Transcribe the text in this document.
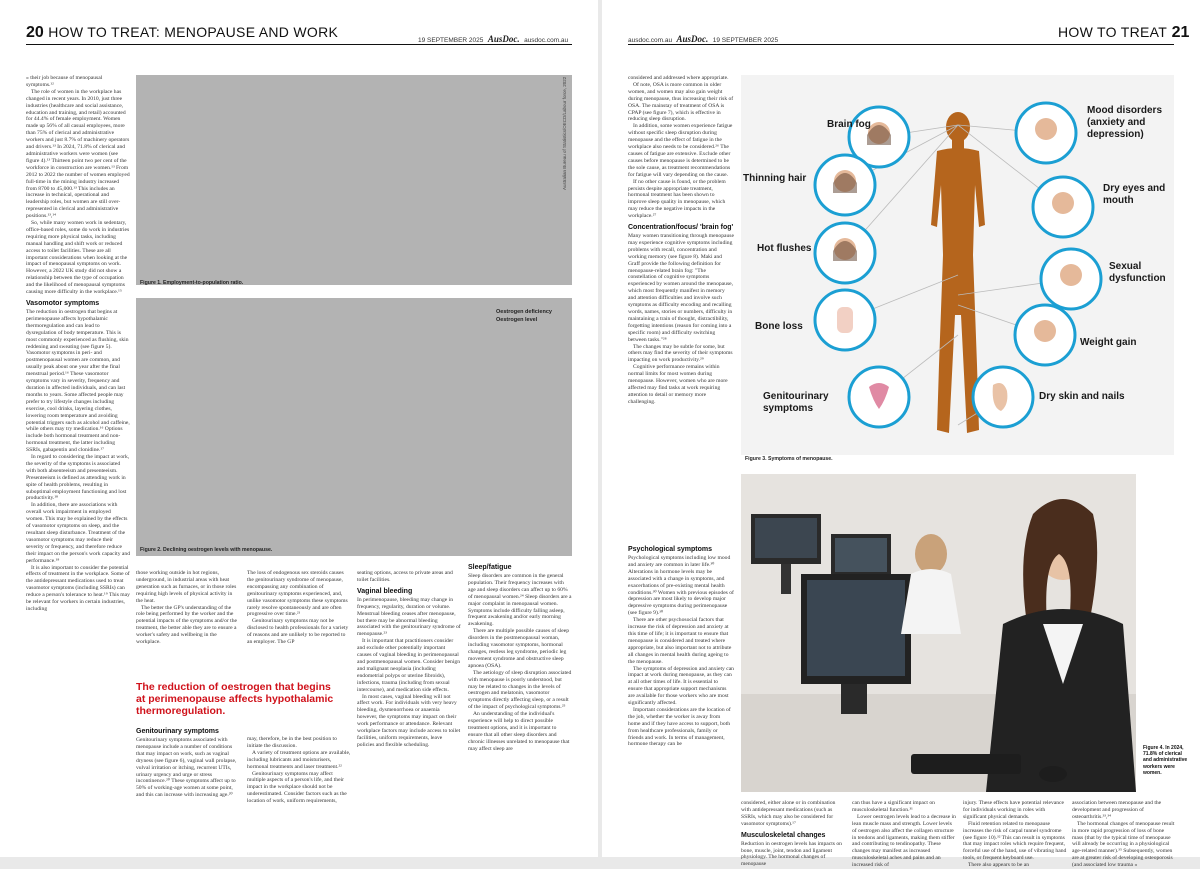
20 HOW TO TREAT: MENOPAUSE AND WORK
19 SEPTEMBER 2025 AusDoc. ausdoc.com.au

« their job because of menopausal symptoms.¹²

The role of women in the workplace has changed in recent years. In 2010, just three industries (healthcare and social assistance, education and training, and retail) accounted for 44.4% of female employment. Women made up 56% of all casual employees, more than 75% of clerical and administrative workers and just 8.7% of machinery operators and drivers.¹³ In 2024, 71.8% of clerical and administrative workers were women (see figure 4).¹³ Thirteen point two per cent of the workforce in construction are women.¹³ From 2012 to 2022 the number of women employed full-time in the mining industry increased from 8700 to 45,000.¹³ This includes an increase in technical, operational and leadership roles, but women are still over-represented in clerical and administrative positions.¹³,¹⁴

So, while many women work in sedentary, office-based roles, some do work in industries requiring more physical tasks, including manual handling and shift work or reduced access to toilet facilities. These are all important considerations when looking at the impact of menopausal symptoms on work. However, a 2022 UK study did not show a relationship between the type of occupation and the likelihood of menopausal symptoms causing more difficulty in the workplace.¹⁵

Vasomotor symptoms

The reduction in oestrogen that begins at perimenopause affects hypothalamic thermoregulation and can lead to dysregulation of body temperature. This is most commonly experienced as flushing, skin reddening and sweating (see figure 5). Vasomotor symptoms in peri- and postmenopausal women are common, and usually peak about one year after the final menstrual period.¹⁶ These vasomotor symptoms vary in severity, frequency and duration in affected individuals, and can last months to years. Some affected people may prefer to try lifestyle changes including exercise, cool drinks, layering clothes, lowering room temperature and avoiding potential triggers such as alcohol and caffeine, while others may try medication.¹⁶ Options include both hormonal treatment and non-hormonal treatment, the latter including SSRIs, gabapentin and clonidine.¹⁷

In regard to considering the impact at work, the severity of the symptoms is associated with both absenteeism and presenteeism. Presenteeism is defined as attending work in spite of health problems, resulting in suboptimal employment functioning and lost productivity.¹⁸

In addition, there are associations with overall work impairment in employed women. This may be explained by the effects of vasomotor symptoms on sleep, and the resultant sleep disturbance. Treatment of the vasomotor symptoms may reduce their severity or frequency, and therefore reduce their impact on the person's work capacity and performance.¹⁸

It is also important to consider the potential effects of treatment in the workplace. Some of the antidepressant medications used to treat vasomotor symptoms (including SSRIs) can reduce a person's tolerance to heat.¹⁹ This may be relevant for workers in certain industries, including

Australian Bureau of Statistics/OECD/Labour force, 2022
Figure 1. Employment-to-population ratio.
Oestrogen deficiency
Oestrogen level
Figure 2. Declining oestrogen levels with menopause.

those working outside in hot regions, underground, in industrial areas with heat generation such as furnaces, or in those roles requiring high levels of physical activity in the heat.

The better the GP's understanding of the role being performed by the worker and the potential impacts of the symptoms and/or the treatment, the better able they are to ensure a worker's safety and wellbeing in the workplace.

The reduction of oestrogen that begins at perimenopause affects hypothalamic thermoregulation.
Genitourinary symptoms

Genitourinary symptoms associated with menopause include a number of conditions that may impact on work, such as vaginal dryness (see figure 6), vaginal wall prolapse, vulval irritation or itching, recurrent UTIs, urinary urgency and urge or stress incontinence.²⁰ These symptoms affect up to 50% of working-age women at some point, and this can increase with increasing age.²⁰

The loss of endogenous sex steroids causes the genitourinary syndrome of menopause, encompassing any combination of genitourinary symptoms experienced, and, unlike vasomotor symptoms these symptoms rarely resolve spontaneously and are often progressive over time.²¹

Genitourinary symptoms may not be disclosed to health professionals for a variety of reasons and are unlikely to be reported to an employer. The GP

may, therefore, be in the best position to initiate the discussion.

A variety of treatment options are available, including lubricants and moisturisers, hormonal treatments and laser treatment.²²

Genitourinary symptoms may affect multiple aspects of a person's life, and their impact in the workplace should not be underestimated. Consider factors such as the location of work, uniform requirements,

seating options, access to private areas and toilet facilities.

Vaginal bleeding

In perimenopause, bleeding may change in frequency, regularity, duration or volume. Menstrual bleeding ceases after menopause, but there may be abnormal bleeding associated with the genitourinary syndrome of menopause.²³

It is important that practitioners consider and exclude other potentially important causes of vaginal bleeding in perimenopausal and postmenopausal women. Consider benign and malignant neoplasia (including endometrial polyps or uterine fibroids), infections, trauma (including from sexual intercourse), and medication side effects.

In most cases, vaginal bleeding will not affect work. For individuals with very heavy bleeding, dysmenorrhoea or anaemia however, the symptoms may impact on their work performance or attendance. Relevant workplace factors may include access to toilet facilities, uniform requirements, leave policies and flexible scheduling.

Sleep/fatigue

Sleep disorders are common in the general population. Their frequency increases with age and sleep disorders can affect up to 60% of menopausal women.²⁴ Sleep disorders are a major complaint in menopausal women. Symptoms include difficulty falling asleep, frequent awakening and/or early morning awakening.

There are multiple possible causes of sleep disorders in the postmenopausal woman, including vasomotor symptoms, hormonal changes, restless leg syndrome, periodic leg movement syndrome and obstructive sleep apnoea (OSA).

The aetiology of sleep disruption associated with menopause is poorly understood, but may be related to changes in the levels of oestrogen and melatonin, vasomotor symptoms directly affecting sleep, or a result of the impact of psychological symptoms.²⁵

An understanding of the individual's experience will help to direct possible treatment options, and it is important to ensure that all other sleep disorders and chronic illnesses unrelated to menopause that may affect sleep are

ausdoc.com.au AusDoc. 19 SEPTEMBER 2025
HOW TO TREAT 21

considered and addressed where appropriate.

Of note, OSA is more common in older women, and women may also gain weight during menopause, thus increasing their risk of OSA. The mainstay of treatment of OSA is CPAP (see figure 7), which is effective in reducing sleep disruption.

In addition, some women experience fatigue without specific sleep disruption during menopause and the effect of fatigue in the workplace also needs to be considered.²⁶ The causes of fatigue are extensive. Exclude other causes before menopause is determined to be the sole cause, as treatment recommendations for fatigue will vary depending on the cause.

If no other cause is found, or the problem persists despite appropriate treatment, hormonal treatment has been shown to improve sleep quality in menopause, which may reduce the negative impacts in the workplace.²⁷

Concentration/focus/ 'brain fog'

Many women transitioning through menopause may experience cognitive symptoms including problems with recall, concentration and working memory (see figure 8). Maki and Graff provide the following definition for menopause-related brain fog: "The constellation of cognitive symptoms experienced by women around the menopause, which most frequently manifest in memory and attention difficulties and involve such symptoms as difficulty encoding and recalling words, names, stories or numbers, difficulty in maintaining a train of thought, distractibility, forgetting intentions (reason for coming into a specific room) and difficulty switching between tasks."²⁸

The changes may be subtle for some, but others may find the severity of their symptoms impacting on work productivity.²⁹

Cognitive performance remains within normal limits for most women during menopause. However, women who are more affected may find tasks at work requiring attention to detail or memory more challenging.

Psychological symptoms

Psychological symptoms including low mood and anxiety are common in later life.³⁰ Alterations in hormone levels may be associated with a change in symptoms, and exacerbations of pre-existing mental health conditions.³⁰ Women with previous episodes of depression are most likely to develop major depressive symptoms during perimenopause (see figure 9).³⁰

There are other psychosocial factors that increase the risk of depression and anxiety at this time of life; it is important to ensure that menopause is considered and treated where appropriate, but also important not to attribute all changes in mental health during ageing to the menopause.

The symptoms of depression and anxiety can impact at work during menopause, as they can at all other times of life. It is essential to ensure that appropriate support mechanisms are available for those workers who are most significantly affected.

Important considerations are the location of the job, whether the worker is away from home and if they have access to support, both from healthcare professionals, family or friends and work. In terms of management, hormone therapy can be

Brain fog
Mood disorders (anxiety and depression)
Thinning hair
Dry eyes and mouth
Hot flushes
Sexual dysfunction
Bone loss
Weight gain
Genitourinary symptoms
Dry skin and nails
Figure 3. Symptoms of menopause.
Figure 4. In 2024, 71.8% of clerical and administrative workers were women.

considered, either alone or in combination with antidepressant medications (such as SSRIs, which may also be considered for vasomotor symptoms).¹⁷

Musculoskeletal changes

Reduction in oestrogen levels has impacts on bone, muscle, joint, tendon and ligament physiology. The hormonal changes of menopause

can thus have a significant impact on musculoskeletal function.³¹

Lower oestrogen levels lead to a decrease in lean muscle mass and strength. Lower levels of oestrogen also affect the collagen structure in tendons and ligaments, making them stiffer and contributing to tendinopathy. These changes may manifest as increased musculoskeletal aches and pains and an increased risk of

injury. These effects have potential relevance for individuals working in roles with significant physical demands.

Fluid retention related to menopause increases the risk of carpal tunnel syndrome (see figure 10).³² This can result in symptoms that may impact roles which require frequent, forceful use of the hand, use of vibrating hand tools, or frequent keyboard use.

There also appears to be an

association between menopause and the development and progression of osteoarthritis.³³,³⁴

The hormonal changes of menopause result in more rapid progression of loss of bone mass (that by the typical time of menopause will already be occurring in a physiological age-related manner).³⁵ Subsequently, women are at greater risk of developing osteoporosis (and associated low trauma »
